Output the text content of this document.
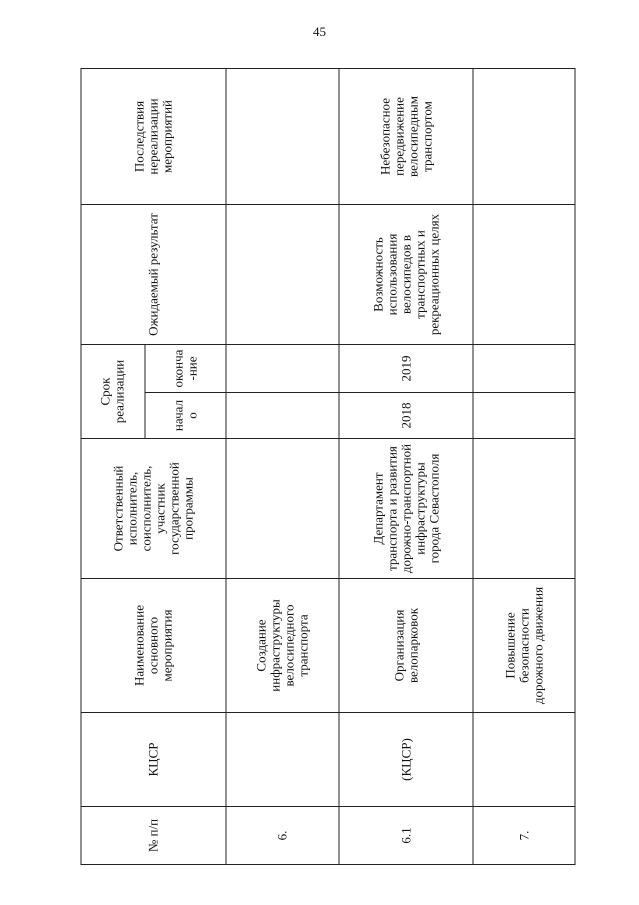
45
№ п/п	КЦСР	Наименование основного мероприятия	Ответственный исполнитель, соисполнитель, участник государственной программы	Срок реализации		Ожидаемый результат	Последствия нереализации мероприятий

				начало	оконча-ние		

6.		Создание инфраструктуры велосипедного транспорта					
6.1	(КЦСР)	Организация велопарковок	Департамент транспорта и развития дорожно-транспортной инфраструктуры города Севастополя	2018	2019	Возможность использования велосипедов в транспортных и рекреационных целях	Небезопасное передвижение велосипедным транспортом
7.		Повышение безопасности дорожного движения					
